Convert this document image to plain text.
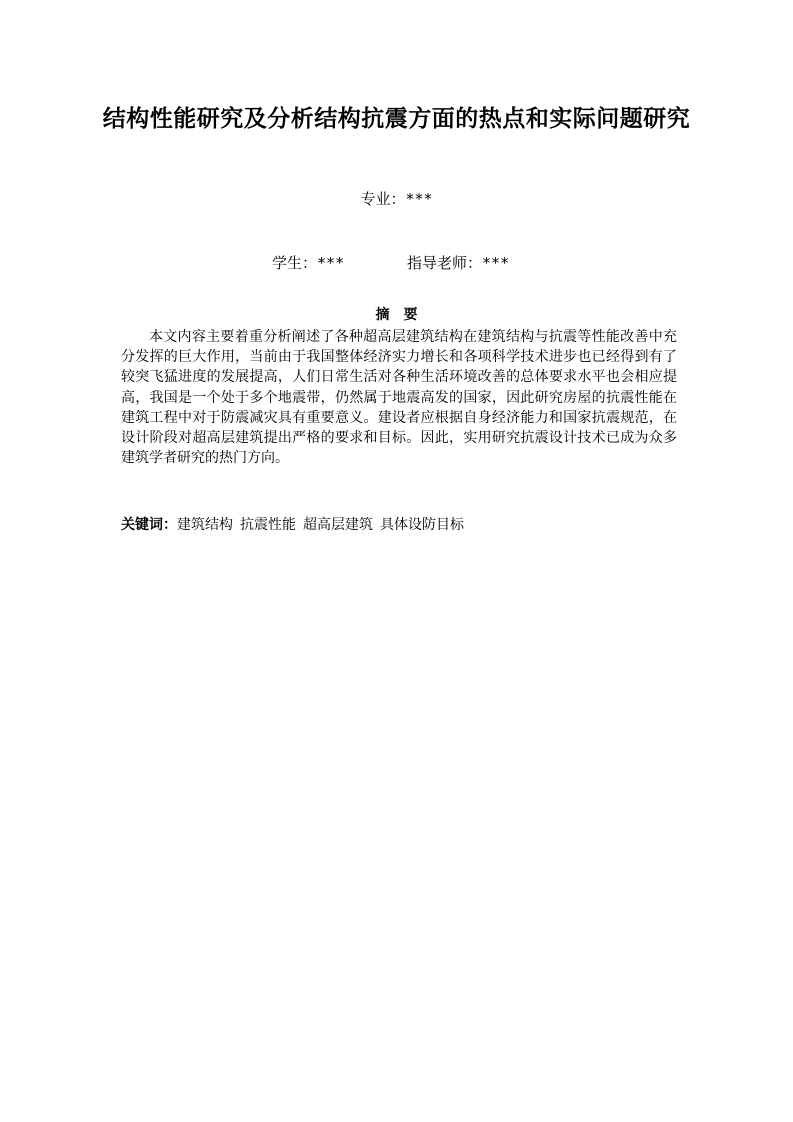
结构性能研究及分析结构抗震方面的热点和实际问题研究
专业：***
学生：***	指导老师：***
摘要

本文内容主要着重分析阐述了各种超高层建筑结构在建筑结构与抗震等性能改善中充分发挥的巨大作用，当前由于我国整体经济实力增长和各项科学技术进步也已经得到有了较突飞猛进度的发展提高，人们日常生活对各种生活环境改善的总体要求水平也会相应提高，我国是一个处于多个地震带，仍然属于地震高发的国家，因此研究房屋的抗震性能在建筑工程中对于防震减灾具有重要意义。建设者应根据自身经济能力和国家抗震规范，在设计阶段对超高层建筑提出严格的要求和目标。因此，实用研究抗震设计技术已成为众多建筑学者研究的热门方向。

关键词：建筑结构 抗震性能 超高层建筑 具体设防目标
